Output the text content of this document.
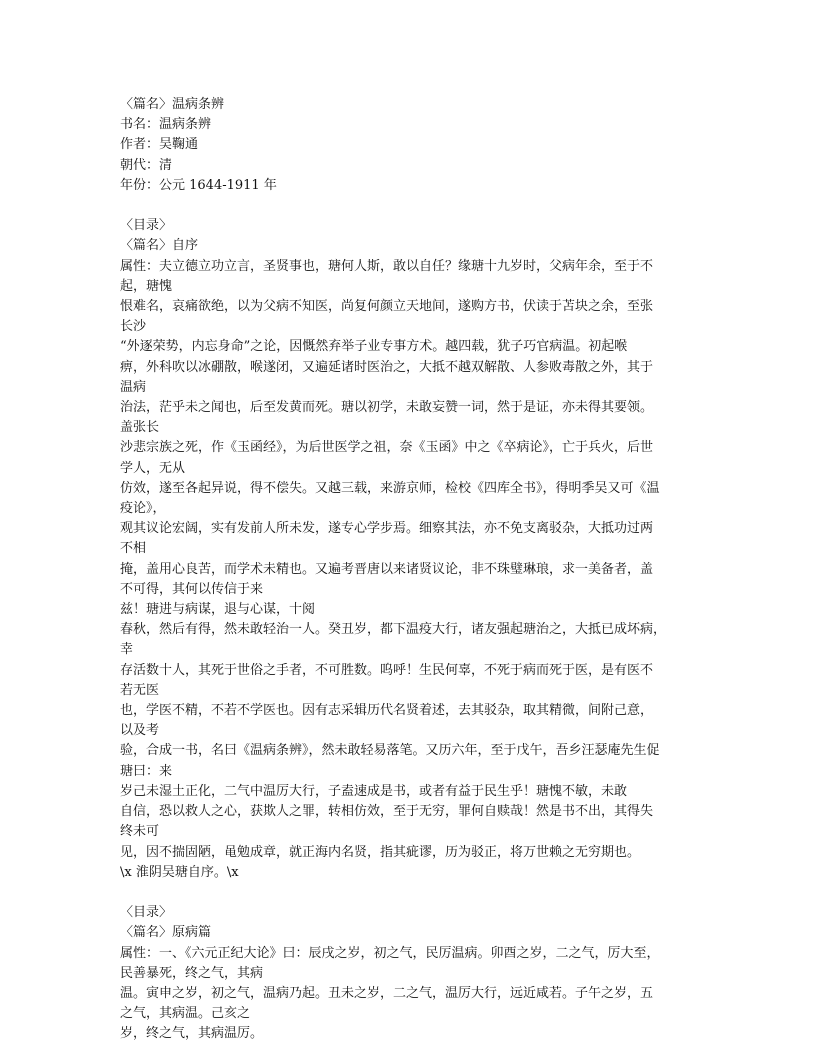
〈篇名〉温病条辨
书名：温病条辨
作者：吴鞠通
朝代：清
年份：公元 1644-1911 年
〈目录〉
〈篇名〉自序
属性：夫立德立功立言，圣贤事也，瑭何人斯，敢以自任？缘瑭十九岁时，父病年余，至于不
起，瑭愧
恨难名，哀痛欲绝，以为父病不知医，尚复何颜立天地间，遂购方书，伏读于苫块之余，至张
长沙
“外逐荣势，内忘身命”之论，因慨然弃举子业专事方术。越四载，犹子巧官病温。初起喉
痹，外科吹以冰硼散，喉遂闭，又遍延诸时医治之，大抵不越双解散、人参败毒散之外，其于
温病
治法，茫乎未之闻也，后至发黄而死。瑭以初学，未敢妄赞一词，然于是证，亦未得其要领。
盖张长
沙悲宗族之死，作《玉函经》，为后世医学之祖，奈《玉函》中之《卒病论》，亡于兵火，后世
学人，无从
仿效，遂至各起异说，得不偿失。又越三载，来游京师，检校《四库全书》，得明季吴又可《温
疫论》，
观其议论宏阔，实有发前人所未发，遂专心学步焉。细察其法，亦不免支离驳杂，大抵功过两
不相
掩，盖用心良苦，而学术未精也。又遍考晋唐以来诸贤议论，非不珠璧琳琅，求一美备者，盖
不可得，其何以传信于来
兹！瑭进与病谋，退与心谋，十阅
春秋，然后有得，然未敢轻治一人。癸丑岁，都下温疫大行，诸友强起瑭治之，大抵已成坏病，
幸
存活数十人，其死于世俗之手者，不可胜数。呜呼！生民何辜，不死于病而死于医，是有医不
若无医
也，学医不精，不若不学医也。因有志采辑历代名贤着述，去其驳杂，取其精微，间附己意，
以及考
验，合成一书，名曰《温病条辨》，然未敢轻易落笔。又历六年，至于戊午，吾乡汪瑟庵先生促
瑭曰：来
岁己未湿土正化，二气中温厉大行，子盍速成是书，或者有益于民生乎！瑭愧不敏，未敢
自信，恐以救人之心，获欺人之罪，转相仿效，至于无穷，罪何自赎哉！然是书不出，其得失
终未可
见，因不揣固陋，黾勉成章，就正海内名贤，指其疵谬，历为驳正，将万世赖之无穷期也。
\x 淮阴吴瑭自序。\x
〈目录〉
〈篇名〉原病篇
属性：一、《六元正纪大论》曰：辰戌之岁，初之气，民厉温病。卯酉之岁，二之气，厉大至，
民善暴死，终之气，其病
温。寅申之岁，初之气，温病乃起。丑未之岁，二之气，温厉大行，远近咸若。子午之岁，五
之气，其病温。己亥之
岁，终之气，其病温厉。
